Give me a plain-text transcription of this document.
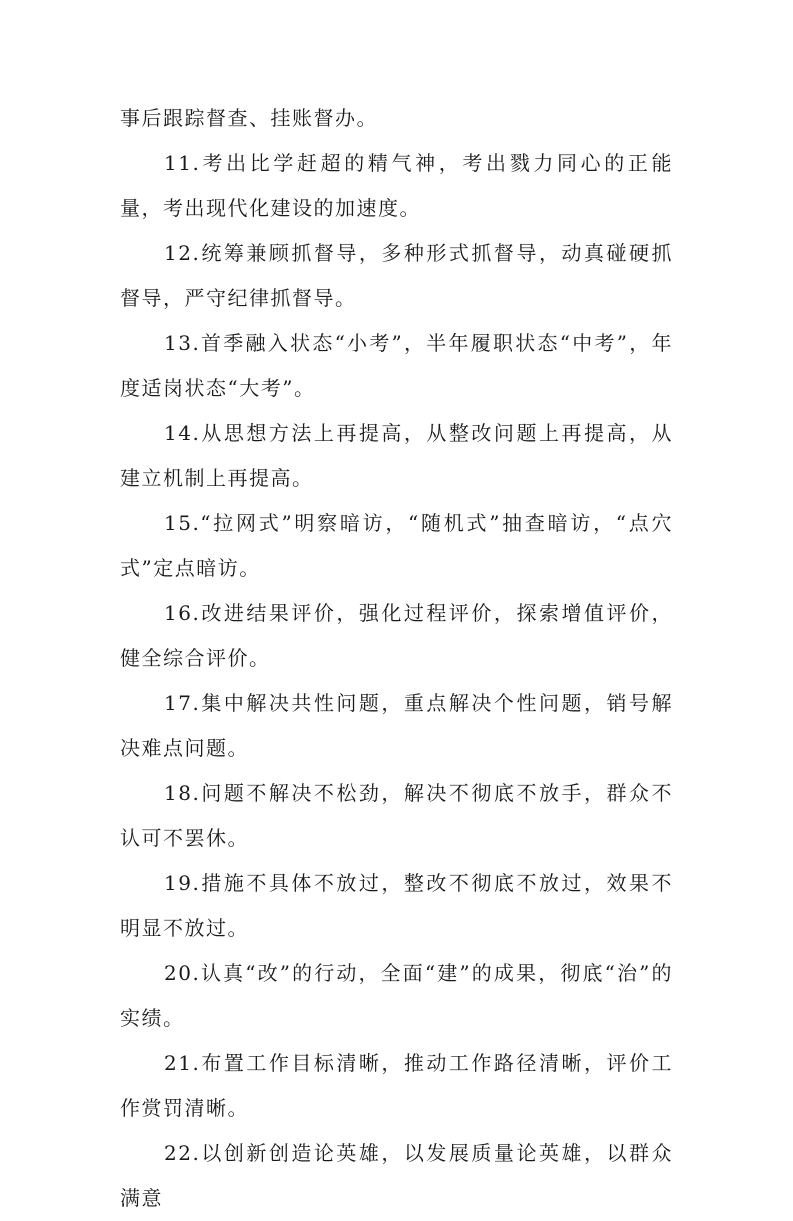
事后跟踪督查、挂账督办。

11.考出比学赶超的精气神，考出戮力同心的正能量，考出现代化建设的加速度。

12.统筹兼顾抓督导，多种形式抓督导，动真碰硬抓督导，严守纪律抓督导。

13.首季融入状态“小考”，半年履职状态“中考”，年度适岗状态“大考”。

14.从思想方法上再提高，从整改问题上再提高，从建立机制上再提高。

15.“拉网式”明察暗访，“随机式”抽查暗访，“点穴式”定点暗访。

16.改进结果评价，强化过程评价，探索增值评价，健全综合评价。

17.集中解决共性问题，重点解决个性问题，销号解决难点问题。

18.问题不解决不松劲，解决不彻底不放手，群众不认可不罢休。

19.措施不具体不放过，整改不彻底不放过，效果不明显不放过。

20.认真“改”的行动，全面“建”的成果，彻底“治”的实绩。

21.布置工作目标清晰，推动工作路径清晰，评价工作赏罚清晰。

22.以创新创造论英雄，以发展质量论英雄，以群众满意
